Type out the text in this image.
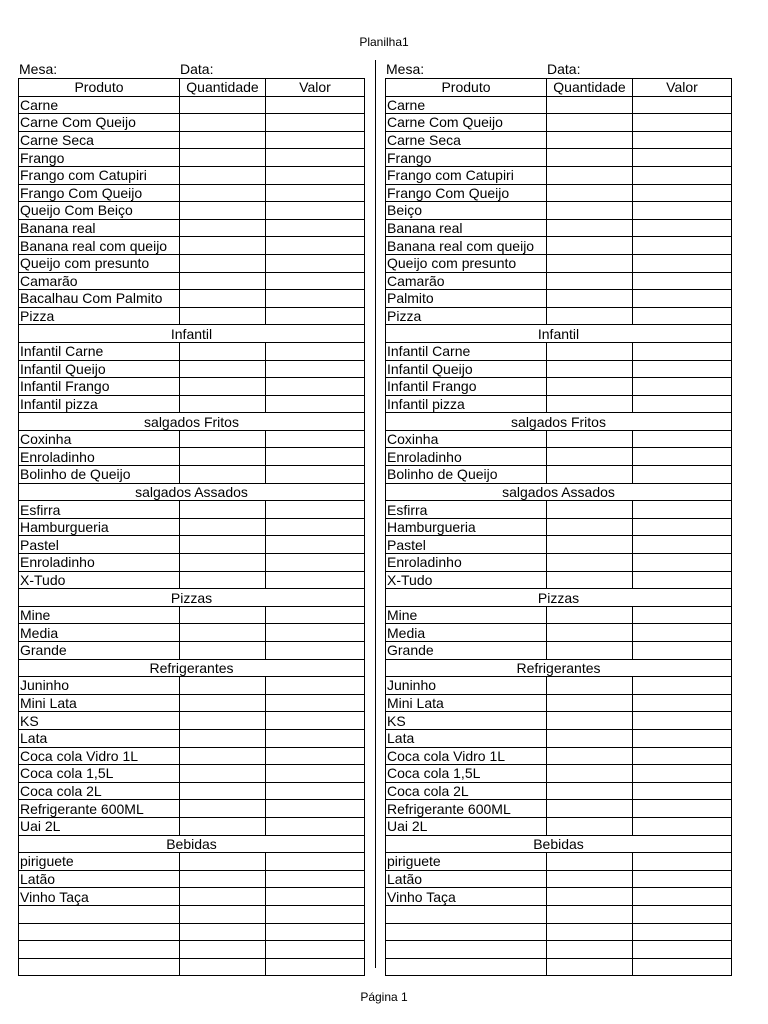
Planilha1
Mesa:	Data:
Produto	Quantidade	Valor
Carne		
Carne Com Queijo		
Carne Seca		
Frango		
Frango com Catupiri		
Frango Com Queijo		
Queijo Com Beiço		
Banana real		
Banana real com queijo		
Queijo com presunto		
Camarão		
Bacalhau Com Palmito		
Pizza		
Infantil		
Infantil Carne		
Infantil Queijo		
Infantil Frango		
Infantil pizza		
salgados Fritos		
Coxinha		
Enroladinho		
Bolinho de Queijo		
salgados Assados		
Esfirra		
Hamburgueria		
Pastel		
Enroladinho		
X-Tudo		
Pizzas		
Mine		
Media		
Grande		
Refrigerantes		
Juninho		
Mini Lata		
KS		
Lata		
Coca cola Vidro 1L		
Coca cola 1,5L		
Coca cola 2L		
Refrigerante 600ML		
Uai 2L		
Bebidas		
piriguete		
Latão		
Vinho Taça		

Mesa:	Data:
Produto	Quantidade	Valor
Carne		
Carne Com Queijo		
Carne Seca		
Frango		
Frango com Catupiri		
Frango Com Queijo		
Beiço		
Banana real		
Banana real com queijo		
Queijo com presunto		
Camarão		
Palmito		
Pizza		
Infantil		
Infantil Carne		
Infantil Queijo		
Infantil Frango		
Infantil pizza		
salgados Fritos		
Coxinha		
Enroladinho		
Bolinho de Queijo		
salgados Assados		
Esfirra		
Hamburgueria		
Pastel		
Enroladinho		
X-Tudo		
Pizzas		
Mine		
Media		
Grande		
Refrigerantes		
Juninho		
Mini Lata		
KS		
Lata		
Coca cola Vidro 1L		
Coca cola 1,5L		
Coca cola 2L		
Refrigerante 600ML		
Uai 2L		
Bebidas		
piriguete		
Latão		
Vinho Taça		

Página 1
